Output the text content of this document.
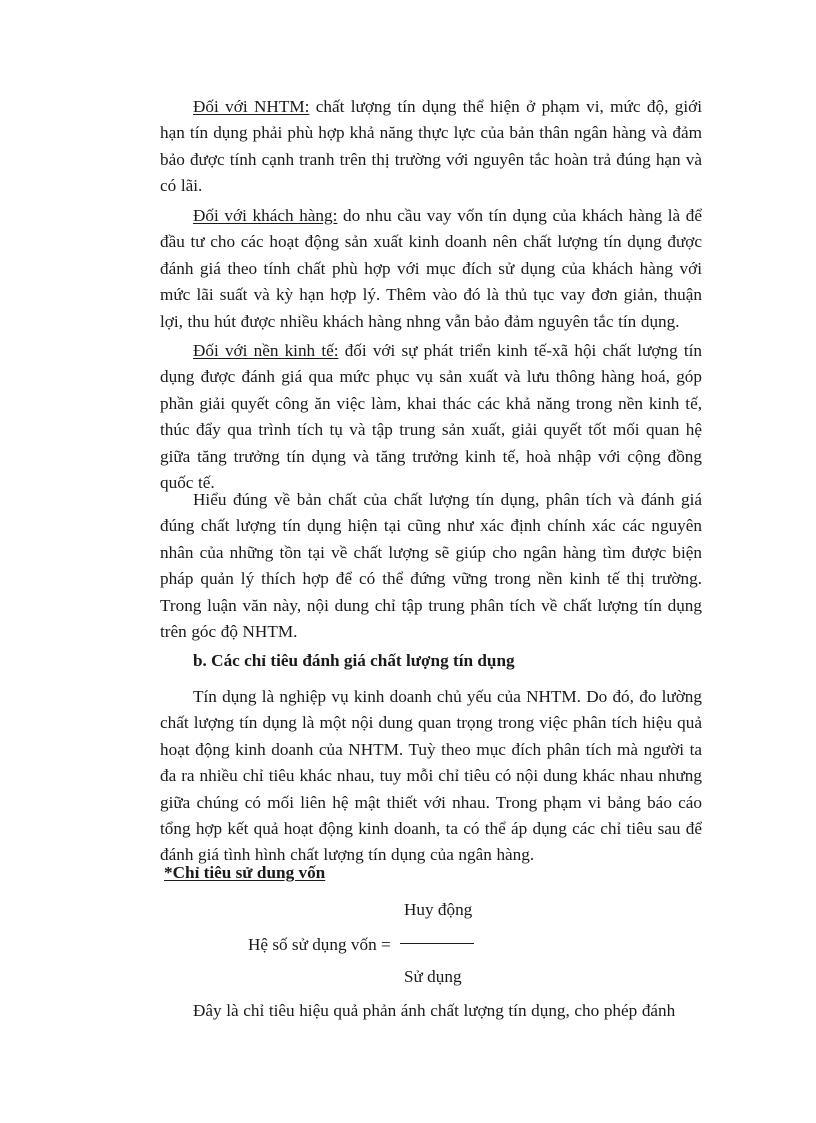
Đối với NHTM: chất lượng tín dụng thể hiện ở phạm vi, mức độ, giới hạn tín dụng phải phù hợp khả năng thực lực của bản thân ngân hàng và đảm bảo được tính cạnh tranh trên thị trường với nguyên tắc hoàn trả đúng hạn và có lãi.

Đối với khách hàng: do nhu cầu vay vốn tín dụng của khách hàng là để đầu tư cho các hoạt động sản xuất kinh doanh nên chất lượng tín dụng được đánh giá theo tính chất phù hợp với mục đích sử dụng của khách hàng với mức lãi suất và kỳ hạn hợp lý. Thêm vào đó là thủ tục vay đơn giản, thuận lợi, thu hút được nhiều khách hàng nhng vẫn bảo đảm nguyên tắc tín dụng.

Đối với nền kinh tế: đối với sự phát triển kinh tế-xã hội chất lượng tín dụng được đánh giá qua mức phục vụ sản xuất và lưu thông hàng hoá, góp phần giải quyết công ăn việc làm, khai thác các khả năng trong nền kinh tế, thúc đẩy qua trình tích tụ và tập trung sản xuất, giải quyết tốt mối quan hệ giữa tăng trưởng tín dụng và tăng trưởng kinh tế, hoà nhập với cộng đồng quốc tế.

Hiểu đúng về bản chất của chất lượng tín dụng, phân tích và đánh giá đúng chất lượng tín dụng hiện tại cũng như xác định chính xác các nguyên nhân của những tồn tại về chất lượng sẽ giúp cho ngân hàng tìm được biện pháp quản lý thích hợp để có thể đứng vững trong nền kinh tế thị trường. Trong luận văn này, nội dung chỉ tập trung phân tích về chất lượng tín dụng trên góc độ NHTM.

b. Các chỉ tiêu đánh giá chất lượng tín dụng

Tín dụng là nghiệp vụ kinh doanh chủ yếu của NHTM. Do đó, đo lường chất lượng tín dụng là một nội dung quan trọng trong việc phân tích hiệu quả hoạt động kinh doanh của NHTM. Tuỳ theo mục đích phân tích mà người ta đa ra nhiều chỉ tiêu khác nhau, tuy mỗi chỉ tiêu có nội dung khác nhau nhưng giữa chúng có mối liên hệ mật thiết với nhau. Trong phạm vi bảng báo cáo tổng hợp kết quả hoạt động kinh doanh, ta có thể áp dụng các chỉ tiêu sau để đánh giá tình hình chất lượng tín dụng của ngân hàng.

*Chỉ tiêu sử dung vốn

Huy động
Hệ số sử dụng vốn =
Sử dụng

Đây là chỉ tiêu hiệu quả phản ánh chất lượng tín dụng, cho phép đánh
